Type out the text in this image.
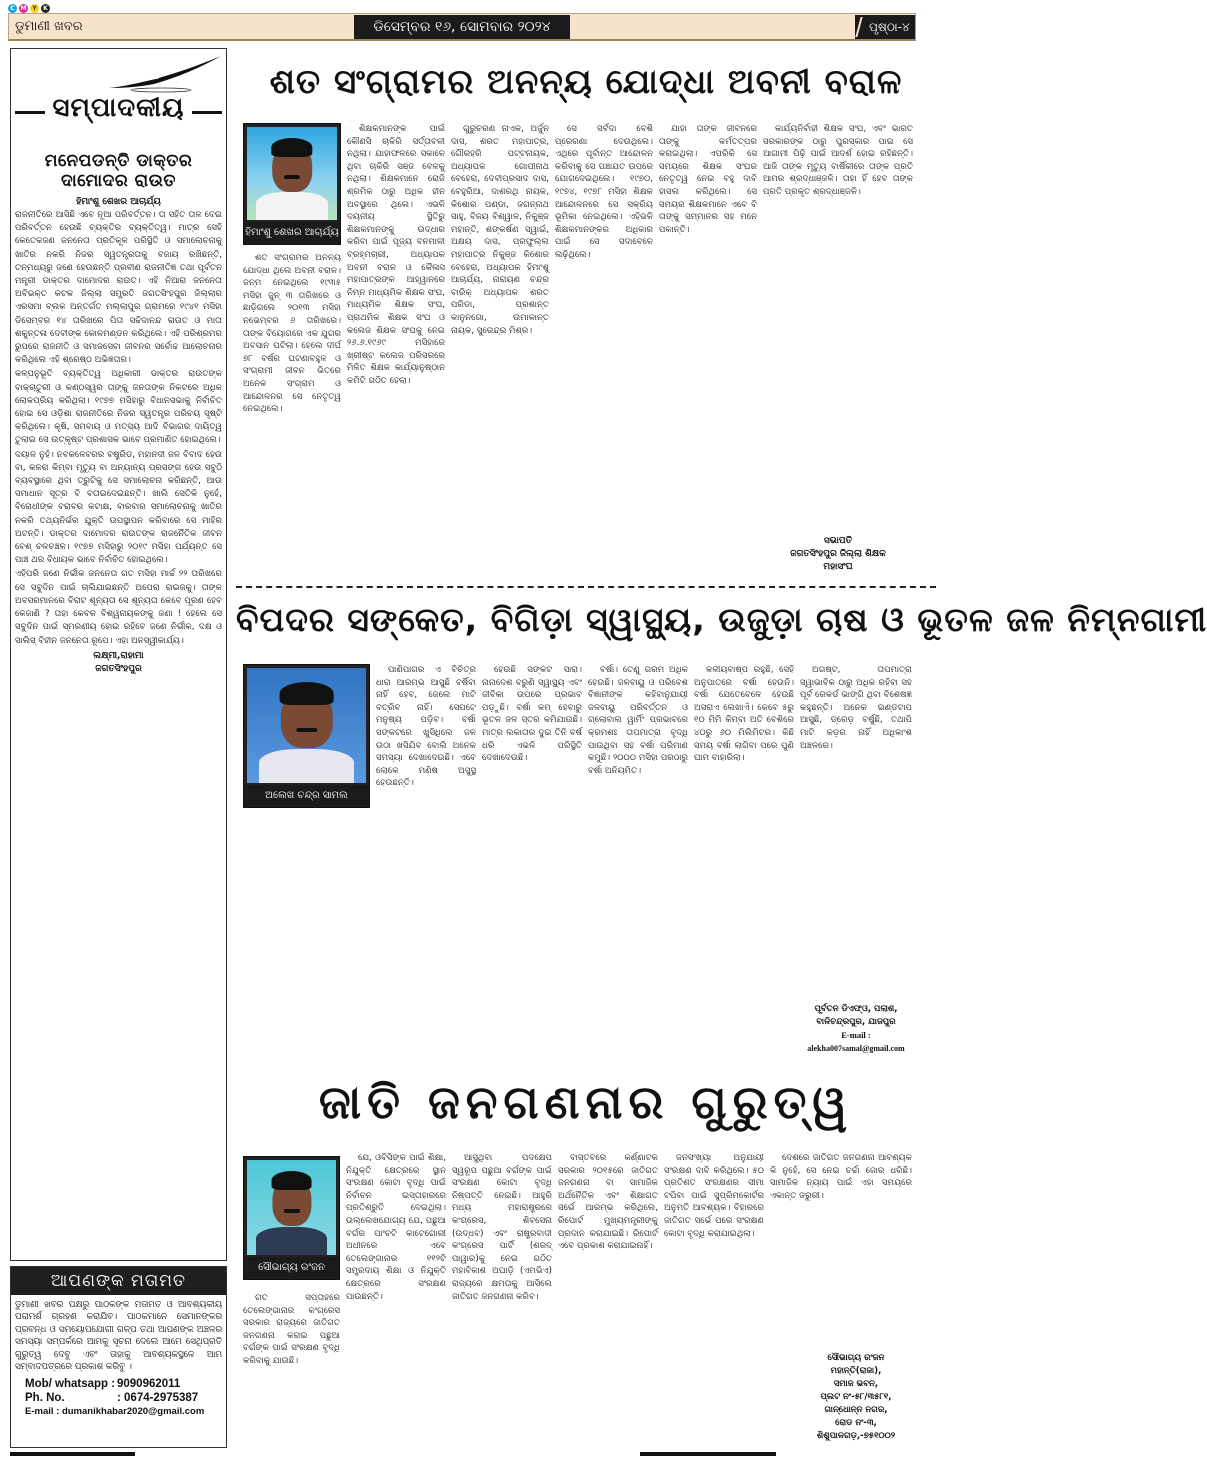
C M Y	K
ଡୁମାଣୀ ଖବର	ଡିସେମ୍ବର ୧୬, ସୋମବାର ୨୦୨୪	ପୃଷ୍ଠା-୪
ସମ୍ପାଦକୀୟ
ମନେପଡନ୍ତି ଡାକ୍ତର ଦାମୋଦର ରାଉତ
ହିମାଂଶୁ ଶେଖର ଆଚାର୍ଯ୍ୟ

ରାଜନୀତିରେ ଆସିଛି ଏବେ ନୂଆ ପରିବର୍ତ୍ତନ। ତା ସହିତ ତାଳ ଦେଇ ପରିବର୍ତ୍ତନ ହେଉଛି ବ୍ୟକ୍ତିର ବ୍ୟକ୍ତିତ୍ୱ। ମାତ୍ର ସେହି କେତେକଜଣ ଜନନେତା ପ୍ରତିକୂଳ ପରିସ୍ଥିତି ଓ ସମାଲୋଚନାକୁ ଖାତିର ନକରି ନିଜର ସ୍ୱତନ୍ତ୍ରତାକୁ ବଜାୟ ରଖିଛନ୍ତି, ତନ୍ମଧ୍ୟରୁ ଜଣେ ହେଉଛନ୍ତି ପ୍ରବୀଣ ରାଜନୀତିଜ୍ଞ ତଥା ପୂର୍ବତନ ମନ୍ତ୍ରୀ ଡାକ୍ତର ଦାମୋଦର ରାଉତ। ଏହି ନିଆରା ଜନନେତା ଅବିଭକ୍ତ କଟକ ଜିଲ୍ଲା ସମ୍ପ୍ରତି ଜଗତସିଂହପୁର ଜିଲ୍ଲାର ଏରସମା ବ୍ଲକ ଅନ୍ତର୍ଗତ ମଲ୍ଲାପୁର ଗ୍ରାମରେ ୧୯୪୧ ମସିହା ଡିସେମ୍ବର ୧୪ ତାରିଖରେ ପିତା ସଚ୍ଚିଦାନନ୍ଦ ରାଉତ ଓ ମାତା ଶକୁନ୍ତଳା ଦେବୀଙ୍କ କୋଳମଣ୍ଡନ କରିଥିଲେ। ଏହି ପରିଶ୍ରମର ରୁପରେ ରାଜନୀତି ଓ ସମାଜସେବା ଜୀବନର ସର୍ବୋଚ୍ଚ ଆଲୋଚନାର କରିଥିଲେ ଏହି ଶ୍ରେଷ୍ଠ ଅଭିଜ୍ଞତାର।

କଳ୍ପନୁଭୂତି ବ୍ୟକ୍ତିତ୍ୱ ଅଧିକାରୀ ଡାକ୍ତର ରାଉତଙ୍କ ବାକ୍‌ଚାତୁରୀ ଓ କଣ୍ଠସ୍ୱର ତାଙ୍କୁ ଜନତାଙ୍କ ନିକଟରେ ଅଧିକ ଲୋକପ୍ରିୟ କରିଥିଲା। ୧୯୭୭ ମସିହାରୁ ବିଧାନସଭାକୁ ନିର୍ବାଚିତ ହୋଇ ସେ ଓଡ଼ିଶା ରାଜନୀତିରେ ନିଜର ସ୍ୱତନ୍ତ୍ର ପରିଚୟ ସୃଷ୍ଟି କରିଥିଲେ। କୃଷି, ସମବାୟ ଓ ମତ୍ସ୍ୟ ଆଦି ବିଭାଗର ଦାୟିତ୍ୱ ତୁଲାଇ ସେ ଉତ୍କୃଷ୍ଟ ପ୍ରଶାସକ ଭାବେ ପ୍ରମାଣିତ ହୋଇଥିଲେ।

ଦୟାଳ ନୁହଁ। ନବକଳେବରର ବଷ୍ଟ୍ରିଡ, ମହାନଦୀ ଜଳ ବିବାଦ ହେଉ ବା, କଳରା କିମ୍ବା ମୃତ୍ୟୁ ବା ଅନ୍ୟାନ୍ୟ ପ୍ରସଙ୍ଗ ହେଉ ସବୁଠି ବ୍ୟବସ୍ଥାରେ ଥିବା ତ୍ରୁଟିକୁ ସେ ସମାଲୋଚନା କରିଛନ୍ତି, ଆଉ ସମାଧାନ ସୂତ୍ର ବି ବତାଇଦେଇଛନ୍ତି। ଖାଲି ସେତିକି ନୁହେଁ, ବିରୋଧୀଙ୍କ ବରାବର କଟାକ୍ଷ, ବାରବାର ସମାଲୋଚନାକୁ ଖାତିର ନକରି ତଥ୍ୟନିର୍ଭର ଯୁକ୍ତି ଉପସ୍ଥାପନ କରିବାରେ ସେ ମାହିର ଅଟନ୍ତି। ଡାକ୍ତର ଦାମୋଦର ରାଉତଙ୍କ ରାଜନୈତିକ ଜୀବନ ବେଶ୍ ଚଳଚଞ୍ଚଳ। ୧୯୭୭ ମସିହାରୁ ୨୦୧୯ ମସିହା ପର୍ଯ୍ୟନ୍ତ ସେ ପାଞ୍ଚ ଥର ବିଧାୟକ ଭାବେ ନିର୍ବାଚିତ ହୋଇଥିଲେ।

ଏହିପରି ଜଣେ ନିର୍ଭୀକ ଜନନେତା ଗତ ମସିହା ମାର୍ଚ୍ଚ ୨୨ ତାରିଖରେ ସେ ସବୁଦିନ ପାଇଁ ଚାଲିଯାଇଛନ୍ତି ଅପେରା ରାଇଜକୁ। ତାଙ୍କ ଅବସରମାନରେ ବିରାଟ ଶୂନ୍ୟତା ସେ ଶୂନ୍ୟତା କେବେ ପୂରଣ ହେବ କେଜାଣି ? ତାହା କେବଳ ବିଶ୍ୱନାୟକଙ୍କୁ ଜଣା ! ହେଲେ ସେ ସବୁଦିନ ପାଇଁ ସ୍ମରଣୀୟ ହୋଇ ରହିବେ ଜଣେ ନିର୍ଭୀକ, ଦକ୍ଷ ଓ ସାଲିସ୍ ବିହୀନ ଜନନେତା ରୂପେ। ଏହା ଅନସ୍ୱୀକାର୍ଯ୍ୟ।

ଲକ୍ଷ୍ମୀ,ରାହାମା
ଜଗତସିଂହପୁର
ଆପଣଙ୍କ ମତାମତ
ଡୁମାଣୀ ଖବର ପକ୍ଷରୁ ପାଠକଙ୍କ ମତାମତ ଓ ଆବଶ୍ୟକୀୟ ପରାମର୍ଶ ଗ୍ରହଣ କରାଯିବ। ପାଠକମାନେ ସେମାନଙ୍କର ପ୍ରବନ୍ଧ ଓ ସମୟୋପଯୋଗୀ ଗଳ୍ପ ତଥା ଆପଣଙ୍କ ଅଞ୍ଚଳର ସମସ୍ୟା ସମ୍ପର୍କରେ ଆମକୁ ସୂଚନା ଦେଲେ ଆମେ ସେଥିପ୍ରତି ଗୁରୁତ୍ୱ ଦେବୁ ଏବଂ ତାହାକୁ ଆବଶ୍ୟକସ୍ଥଳେ ଆମ ସମ୍ବାଦପତ୍ରରେ ପ୍ରକାଶ କରିବୁ ।
Mob/ whatsapp : 9090962011
Ph. No.	: 0674-2975387
E-mail : dumanikhabar2020@gmail.com
ଶତ ସଂଗ୍ରାମର ଅନନ୍ୟ ଯୋଦ୍ଧା ଅବନୀ ବରାଳ
ହିମାଂଶୁ ଶେଖର ଆଚାର୍ଯ୍ୟ

ଶତ ସଂଗ୍ରାମର ଅନନ୍ୟ ଯୋଦ୍ଧା ଥିଲେ ଅବନୀ ବରାଳ। ଜନ୍ମ ନେଇଥିଲେ ୧୯୩୫ ମସିହା ଜୁନ୍ ୩ ତାରିଖରେ ଓ ଛାଡ଼ିଗଲେ ୨୦୧୩ ମସିହା ନଭେମ୍ବର ୬ ତାରିଖରେ। ତାଙ୍କ ବିୟୋଗରେ ଏକ ଯୁଗର ଅବସାନ ଘଟିଲା। ହେଲେ ଦୀର୍ଘ ୭୮ ବର୍ଷର ଘଟଣାବହୁଳ ଓ ସଂଗ୍ରାମୀ ଜୀବନ ଭିତରେ ଅନେକ ସଂଗ୍ରାମ ଓ ଆନ୍ଦୋଳନର ସେ ନେତୃତ୍ୱ ନେଇଥିଲେ।

ଶିକ୍ଷକମାନଙ୍କ ପାଇଁ କୌଣସି ଚାକିରି ସର୍ତ୍ତାବଳୀ ନଥିଲା। ଯାହାଫଳରେ ସକାଳେ ଥିବା ଚାକିରି ସଞ୍ଜ ବେଳକୁ ନଥିଲା। ଶିକ୍ଷକମାନେ ରୋଜି ଶ୍ରମିକ ଠାରୁ ଅଧିକ ହୀନ ଅବସ୍ଥାରେ ଥିଲେ। ଏଭଳି ଦୟନୀୟ ସ୍ଥିତିରୁ ଶିକ୍ଷକମାନଙ୍କୁ ଉଦ୍ଧାର କରିବା ପାଇଁ ପୂଜ୍ୟ ବନମାଳୀ ବ୍ରହ୍ମଚାରୀ, ଅଧ୍ୟାପକ ଅବନୀ ବରାଳ ଓ କୈଳାସ ମହାପାତ୍ରଙ୍କ ଆହ୍ୱାନରେ ନିମ୍ନ ମାଧ୍ୟମିକ ଶିକ୍ଷକ ସଂଘ, ମାଧ୍ୟମିକ ଶିକ୍ଷକ ସଂଘ, ପ୍ରାଥମିକ ଶିକ୍ଷକ ସଂଘ ଓ କଲେଜ ଶିକ୍ଷକ ସଂଘକୁ ନେଇ ୨୬.୬.୧୯୬୯ ମସିହାରେ ଖ୍ରୀଷ୍ଟ କଲେଜ ପରିସରରେ ମିଳିତ ଶିକ୍ଷକ କାର୍ଯ୍ୟାନୁଷ୍ଠାନ କମିଟି ଗଠିତ ହେଲା।

ଗୁରୁଚରଣ ନାଏକ, ଅର୍ଜୁନ ଦାସ, ଶରତ ମହାପାତ୍ର, ଗୌରହରି ପଟ୍ଟନାୟକ, ଅଧ୍ୟାପକ ଗୋପୀନାଥ ବେହେରା, ଦେବୀପ୍ରସାଦ ଦାସ, ବେହୁରିଆ, ଦାଶରଥି ନାୟକ, କିଶୋର ପଣ୍ଡା, ଜଗନ୍ନାଥ ସାହୁ, ବିଜୟ ବିଶ୍ୱାଳ, ନିକୁଞ୍ଜ ମହାନ୍ତି, ଶଙ୍କର୍ଷଣ ସ୍ୱାଇଁ, ଅକ୍ଷୟ ଦାସ, ପ୍ରଫୁଲ୍ଲ ମହାପାତ୍ର ନିକୁଞ୍ଜ କିଶୋର ବେହେରା, ଅଧ୍ୟାପକ ହିମାଂଶୁ ଆଚାର୍ଯ୍ୟ, ନାରାୟଣ ଚନ୍ଦ୍ର ବାରିକ୍ ଅଧ୍ୟାପକ ଶରତ ପରିଡା, ପ୍ରଶାନ୍ତ କାନୁନଗୋ, ଉମାକାନ୍ତ ନାୟକ, ସୁରେନ୍ଦ୍ର ମିଶ୍ର।

ସେ ସର୍ବଦା ବେଶି ପ୍ରେରଣା ଦେଉଥିଲେ। ଏଥିରେ ପୂର୍ବାନ୍ତ ଆନ୍ଦୋଳନ କରିବାକୁ ସେ ପଞ୍ଚାଯତ ଉପରେ ଯୋଗଦେଇଥିଲେ। ୧୯୭୦, ୧୯୭୪, ୧୯୭୮ ମସିହା ଶିକ୍ଷକ ଆନ୍ଦୋଳନରେ ସେ ସକ୍ରିୟ ଭୂମିକା ନେଇଥିଲେ। ଏହିଭଳି ଶିକ୍ଷକମାନଙ୍କର ଅଧିକାର ପାଇଁ ସେ ସଦାବେଳେ ଲଢ଼ିଥିଲେ।

ଯାହା ତାଙ୍କ ଜୀବନରେ ତାଙ୍କୁ କର୍ମତତ୍ପର କରାଇଥିଲା। ଏପରିକି ସେ ସମୟରେ ଶିକ୍ଷକ ସଂଘର ନେତୃତ୍ୱ ନେଇ ବହୁ ଦାବି ହାସଲ କରିଥିଲେ। ସେ ସମୟର ଶିକ୍ଷକମାନେ ଏବେ ବି ତାଙ୍କୁ ସମ୍ମାନର ସହ ମନେ ପକାନ୍ତି।

କାର୍ଯ୍ୟନିର୍ବାହୀ ଶିକ୍ଷକ ସଂଘ, ଏବଂ ଭାରତ ସରକାରଙ୍କ ଠାରୁ ପୁରସ୍କାର ପାଇ ସେ ଆଗାମୀ ପିଢ଼ି ପାଇଁ ଆଦର୍ଶ ହୋଇ ରହିଛନ୍ତି। ଆଜି ତାଙ୍କ ମୃତ୍ୟୁ ବାର୍ଷିକୀରେ ତାଙ୍କ ପ୍ରତି ଆମର ଶ୍ରଦ୍ଧାଞ୍ଜଳି। ତାହା ହିଁ ହେବ ତାଙ୍କ ପ୍ରତି ପ୍ରକୃତ ଶ୍ରଦ୍ଧାଞ୍ଜଳି।

ସଭାପତି
ଜଗତସିଂହପୁର ଜିଲ୍ଲା ଶିକ୍ଷକ
ମହାସଂଘ
ବିପଦର ସଙ୍କେତ, ବିଗିଡ଼ା ସ୍ୱାସ୍ଥ୍ୟ, ଉଜୁଡ଼ା ଚାଷ ଓ ଭୂତଳ ଜଳ ନିମ୍ନଗାମୀ
ଅଲେଖ ଚନ୍ଦ୍ର ସାମଲ

ପାଣିପାଗର ଏ ବିଚିତ୍ର ଧାରା ଆରମ୍ଭ ଆସୁଛି ବର୍ଷିବା ନାହିଁ ହେବ, ଜେଲେ ମାଟି ବତ୍ରିବ ନାହିଁ। ସେପଟେ ମନୁଷ୍ୟ ପଡ଼ିବ। ବର୍ଷା ସଙ୍କଟରେ ଖୁସିଧିଲେ ଜଳ ଉଠା ଖସିଯିବ ବୋଲି ଅନେକ ସମସ୍ୟା ଦେଖାଦେଉଛି। ଏବେ ଲୋକେ ମଣିଷ ଅସୁସ୍ଥ ହେଉଛନ୍ତି।

ହେଉଛି ସଙ୍କଟ ସାରା। ନାନାଦେଶ ବରୁଣି ସ୍ୱାସ୍ଥ୍ୟ ଏବଂ ଜୀବିକା ଉପରେ ପ୍ରଭାବ ପଡ଼ୁଛି। ବର୍ଷା କମ୍ ହେବାରୁ ଭୂତଳ ଜଳ ସ୍ତର କମିଯାଉଛି। ମାତ୍ର ଲକାତାର ଦୁଇ ତିନି ବର୍ଷ ଧରି ଏଭଳି ପରିସ୍ଥିତି ଦେଖାଦେଉଛି।

ବର୍ଷା। ତେଣୁ ଗରମ ଅଧିକ ହେଉଛି। ଜଳବାୟୁ ଓ ପରିବେଶ ବିଜ୍ଞାନୀଙ୍କ କହିବାନୁଯାୟୀ ଜଳବାୟୁ ପରିବର୍ତ୍ତନ ଓ ଗ୍ଲୋବାଲ ୱାର୍ମିଂ ପ୍ରଭାବରେ କ୍ରମଶଃ ତାପମାତ୍ରା ବୃଦ୍ଧି ପାଉଥିବା ସହ ବର୍ଷା ପରିମାଣ କମୁଛି। ୨୦୦୦ ମସିହା ପରଠାରୁ ବର୍ଷା ଅନିୟମିତ।

କଳୀୟବାଷ୍ପ ରହୁଛି, ସେହି ଅନୁପାତରେ ବର୍ଷା ହେଉନି। ବର୍ଷା ଯେତେବେଳେ ହେଉଛି ଅସରାଏ ଲେଖାଏଁ। କେବେ ୫ରୁ ୧୦ ମିମି କିମ୍ବା ଅତି ବେଶିରେ ୪୦ରୁ ୬୦ ମିଲିମିଟର। କିଛି ସମୟ ବର୍ଷା ଲାଗିବା ପରେ ପୁଣି ଘାମ ବାହାରିଲା।

ଅଗଷ୍ଟ, ତାପମାତ୍ରା ସ୍ୱାଭାବିକ ଠାରୁ ଅଧିକ ରହିବା ସହ ପୂର୍ବ ରେକର୍ଡ ଭାଙ୍ଗି ଥିବା ବିଶେଷଜ୍ଞ କହୁଛନ୍ତି। ଅନେକ ଇଣ୍ଡଟାପ ଆସୁଛି, ଡ୍ରେଡ଼ ବର୍ଷୁଛି, ତଥାପି ମାଟି କଡ଼ର ନାହିଁ ଅଧିକାଂଶ ଅଞ୍ଚଳରେ।

ପୂର୍ବତନ ଡିଏଫ୍‌ଓ, ପଲାଶ,
ବାଳିଚନ୍ଦ୍ରପୁର, ଯାଜପୁର
E-mail :
alekha007samal@gmail.com
ଜାତି ଜନଗଣନାର ଗୁରୁତ୍ୱ
ସୌଭାଗ୍ୟ ରଂଜନ ମହାନ୍ତି

ଗତ ସପ୍ତାହରେ ତେଲେଙ୍ଗାନାର କଂଗ୍ରେସ ସରକାର ରାଜ୍ୟରେ ଜାତିଗତ ଜନଗଣନା କରାଇ ପଛୁଆ ବର୍ଗଙ୍କ ପାଇଁ ସଂରକ୍ଷଣ ବୃଦ୍ଧି କରିବାକୁ ଯାଉଛି।

ଯେ, ଓବିସିଙ୍କ ପାଇଁ ଶିକ୍ଷା, ନିଯୁକ୍ତି କ୍ଷେତ୍ରରେ ସ୍ଥାନ ସଂରକ୍ଷଣ କୋଟା ବୃଦ୍ଧି ପାଇଁ ନିର୍ବାଚନ ଇସ୍ତାହାରରେ ପ୍ରତିଶ୍ରୁତି ଦେଇଥିଲା। ଉଲ୍ଲେଖଯୋଗ୍ୟ ଯେ, ପଛୁଆ ବର୍ଗର ପାଂଚଟି କାଟେଗୋରୀ ଅଧୀନରେ ଏବେ ତେଲେଙ୍ଗାନାର ୧୧୨ଟି ସମ୍ପ୍ରଦାୟ ଶିକ୍ଷା ଓ ନିଯୁକ୍ତି କ୍ଷେତ୍ରରେ ସଂରକ୍ଷଣ ପାଉଛନ୍ତି।

ଆସୁଥିବା ପଦକ୍ଷେପ ସ୍ୱରୂପ ପଛୁଆ ବର୍ଗଙ୍କ ପାଇଁ ସଂରକ୍ଷଣ କୋଟା ବୃଦ୍ଧି ନିଷ୍ପତ୍ତି ନେଇଛି। ଆହୁରି ମଧ୍ୟ ମହାରାଷ୍ଟ୍ରରେ କଂଗ୍ରେସ, ଶିବସେନା (ଉଦ୍ଧବ) ଏବଂ ରାଷ୍ଟ୍ରବାଦୀ କଂଗ୍ରେସ ପାର୍ଟି (ଶରଦ୍ ପାୱାର)କୁ ନେଇ ଗଠିତ ମହାବିକାଶ ଅଘାଡ଼ି (ଏମଭିଏ) ରାଜ୍ୟରେ କ୍ଷମତାକୁ ଆସିଲେ ଜାତିଗତ ଜନଗଣନା କରିବ।

ବାସ୍ତବରେ କର୍ଣ୍ଣାଟକ ସରକାର ୨୦୧୫ରେ ଜାତିଗତ ଜନଗଣନା ବା ସାମାଜିକ ଅର୍ଥନୈତିକ ଏବଂ ଶିକ୍ଷାଗତ ସର୍ଭେ ଆରମ୍ଭ କରିଥିଲେ, ରିପୋର୍ଟ ମୁଖ୍ୟମନ୍ତ୍ରୀଙ୍କୁ ପ୍ରଦାନ କରାଯାଇଛି। ରିପୋର୍ଟ ଏବେ ପ୍ରକାଶ କରାଯାଇନାହିଁ।

ଜନସଂଖ୍ୟା ଅନୁଯାୟୀ ସଂରକ୍ଷଣ ଦାବି କରିଥିଲେ। ୫୦ ପ୍ରତିଶତ ସଂରକ୍ଷଣର ସୀମା ଟପିବା ପାଇଁ ସୁପ୍ରିମକୋର୍ଟର ଅନୁମତି ଆବଶ୍ୟକ। ବିହାରରେ ଜାତିଗତ ସର୍ଭେ ପରେ ସଂରକ୍ଷଣ କୋଟା ବୃଦ୍ଧି କରାଯାଇଥିଲା।

ଦେଶରେ ଜାତିଗତ ଜନଗଣନା ଆବଶ୍ୟକ କି ନୁହେଁ, ସେ ନେଇ ଚର୍ଚ୍ଚା ଜୋର ଧରିଛି। ସାମାଜିକ ନ୍ୟାୟ ପାଇଁ ଏହା ସମୟରେ ଏକାନ୍ତ ଜରୁରୀ।

ସୌଭାଗ୍ୟ ରଂଜନ
ମହାନ୍ତି(ରାଜା),
ସମାଜ ଭବନ,
ପ୍ଲଟ ନଂ-୫୮/୩୫୮୧,
ଗାନ୍ଧୋନ୍ନ ନଗର,
ରୋଡ ନଂ-୩,
ଶିଶୁପାଳଗଡ଼,-୭୫୧୦୦୨
